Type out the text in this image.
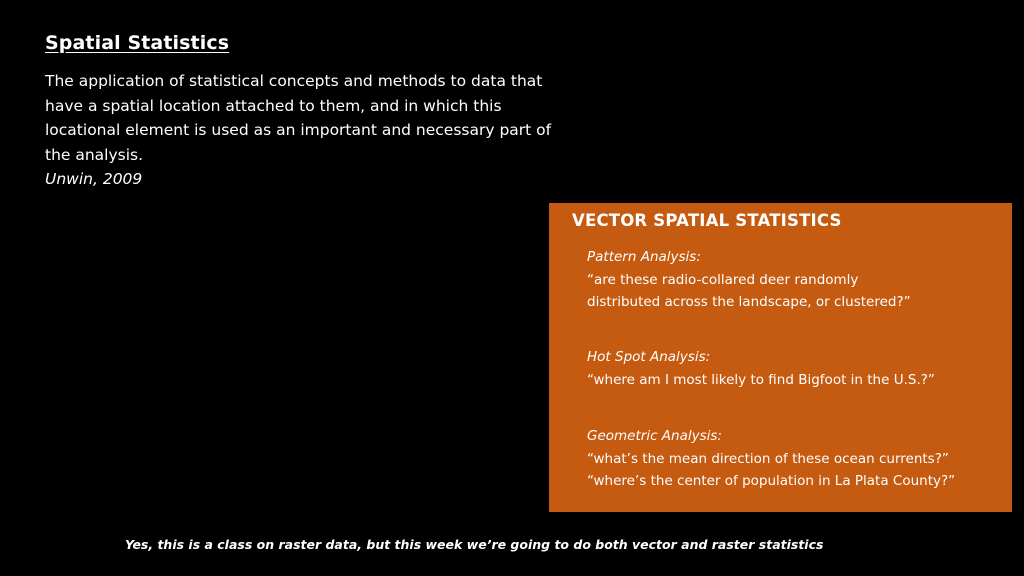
Spatial Statistics
The application of statistical concepts and methods to data that have a spatial location attached to them, and in which this locational element is used as an important and necessary part of the analysis.
Unwin, 2009
VECTOR SPATIAL STATISTICS
Pattern Analysis:
“are these radio-collared deer randomly
distributed across the landscape, or clustered?”
Hot Spot Analysis:
“where am I most likely to find Bigfoot in the U.S.?”
Geometric Analysis:
“what’s the mean direction of these ocean currents?”
“where’s the center of population in La Plata County?”
Yes, this is a class on raster data, but this week we’re going to do both vector and raster statistics
